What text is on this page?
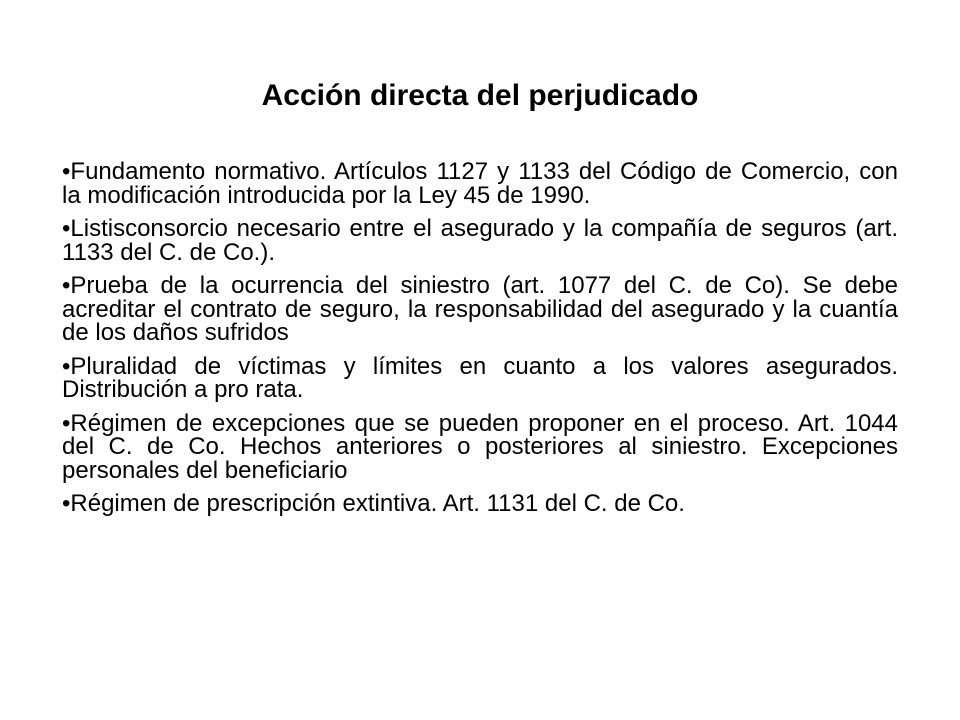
Acción directa del perjudicado
•Fundamento normativo. Artículos 1127 y 1133 del Código de Comercio, con la modificación introducida por la Ley 45 de 1990.
•Listisconsorcio necesario entre el asegurado y la compañía de seguros (art. 1133 del C. de Co.).
•Prueba de la ocurrencia del siniestro (art. 1077 del C. de Co). Se debe acreditar el contrato de seguro, la responsabilidad del asegurado y la cuantía de los daños sufridos
•Pluralidad de víctimas y límites en cuanto a los valores asegurados. Distribución a pro rata.
•Régimen de excepciones que se pueden proponer en el proceso. Art. 1044 del C. de Co. Hechos anteriores o posteriores al siniestro. Excepciones personales del beneficiario
•Régimen de prescripción extintiva. Art. 1131 del C. de Co.
